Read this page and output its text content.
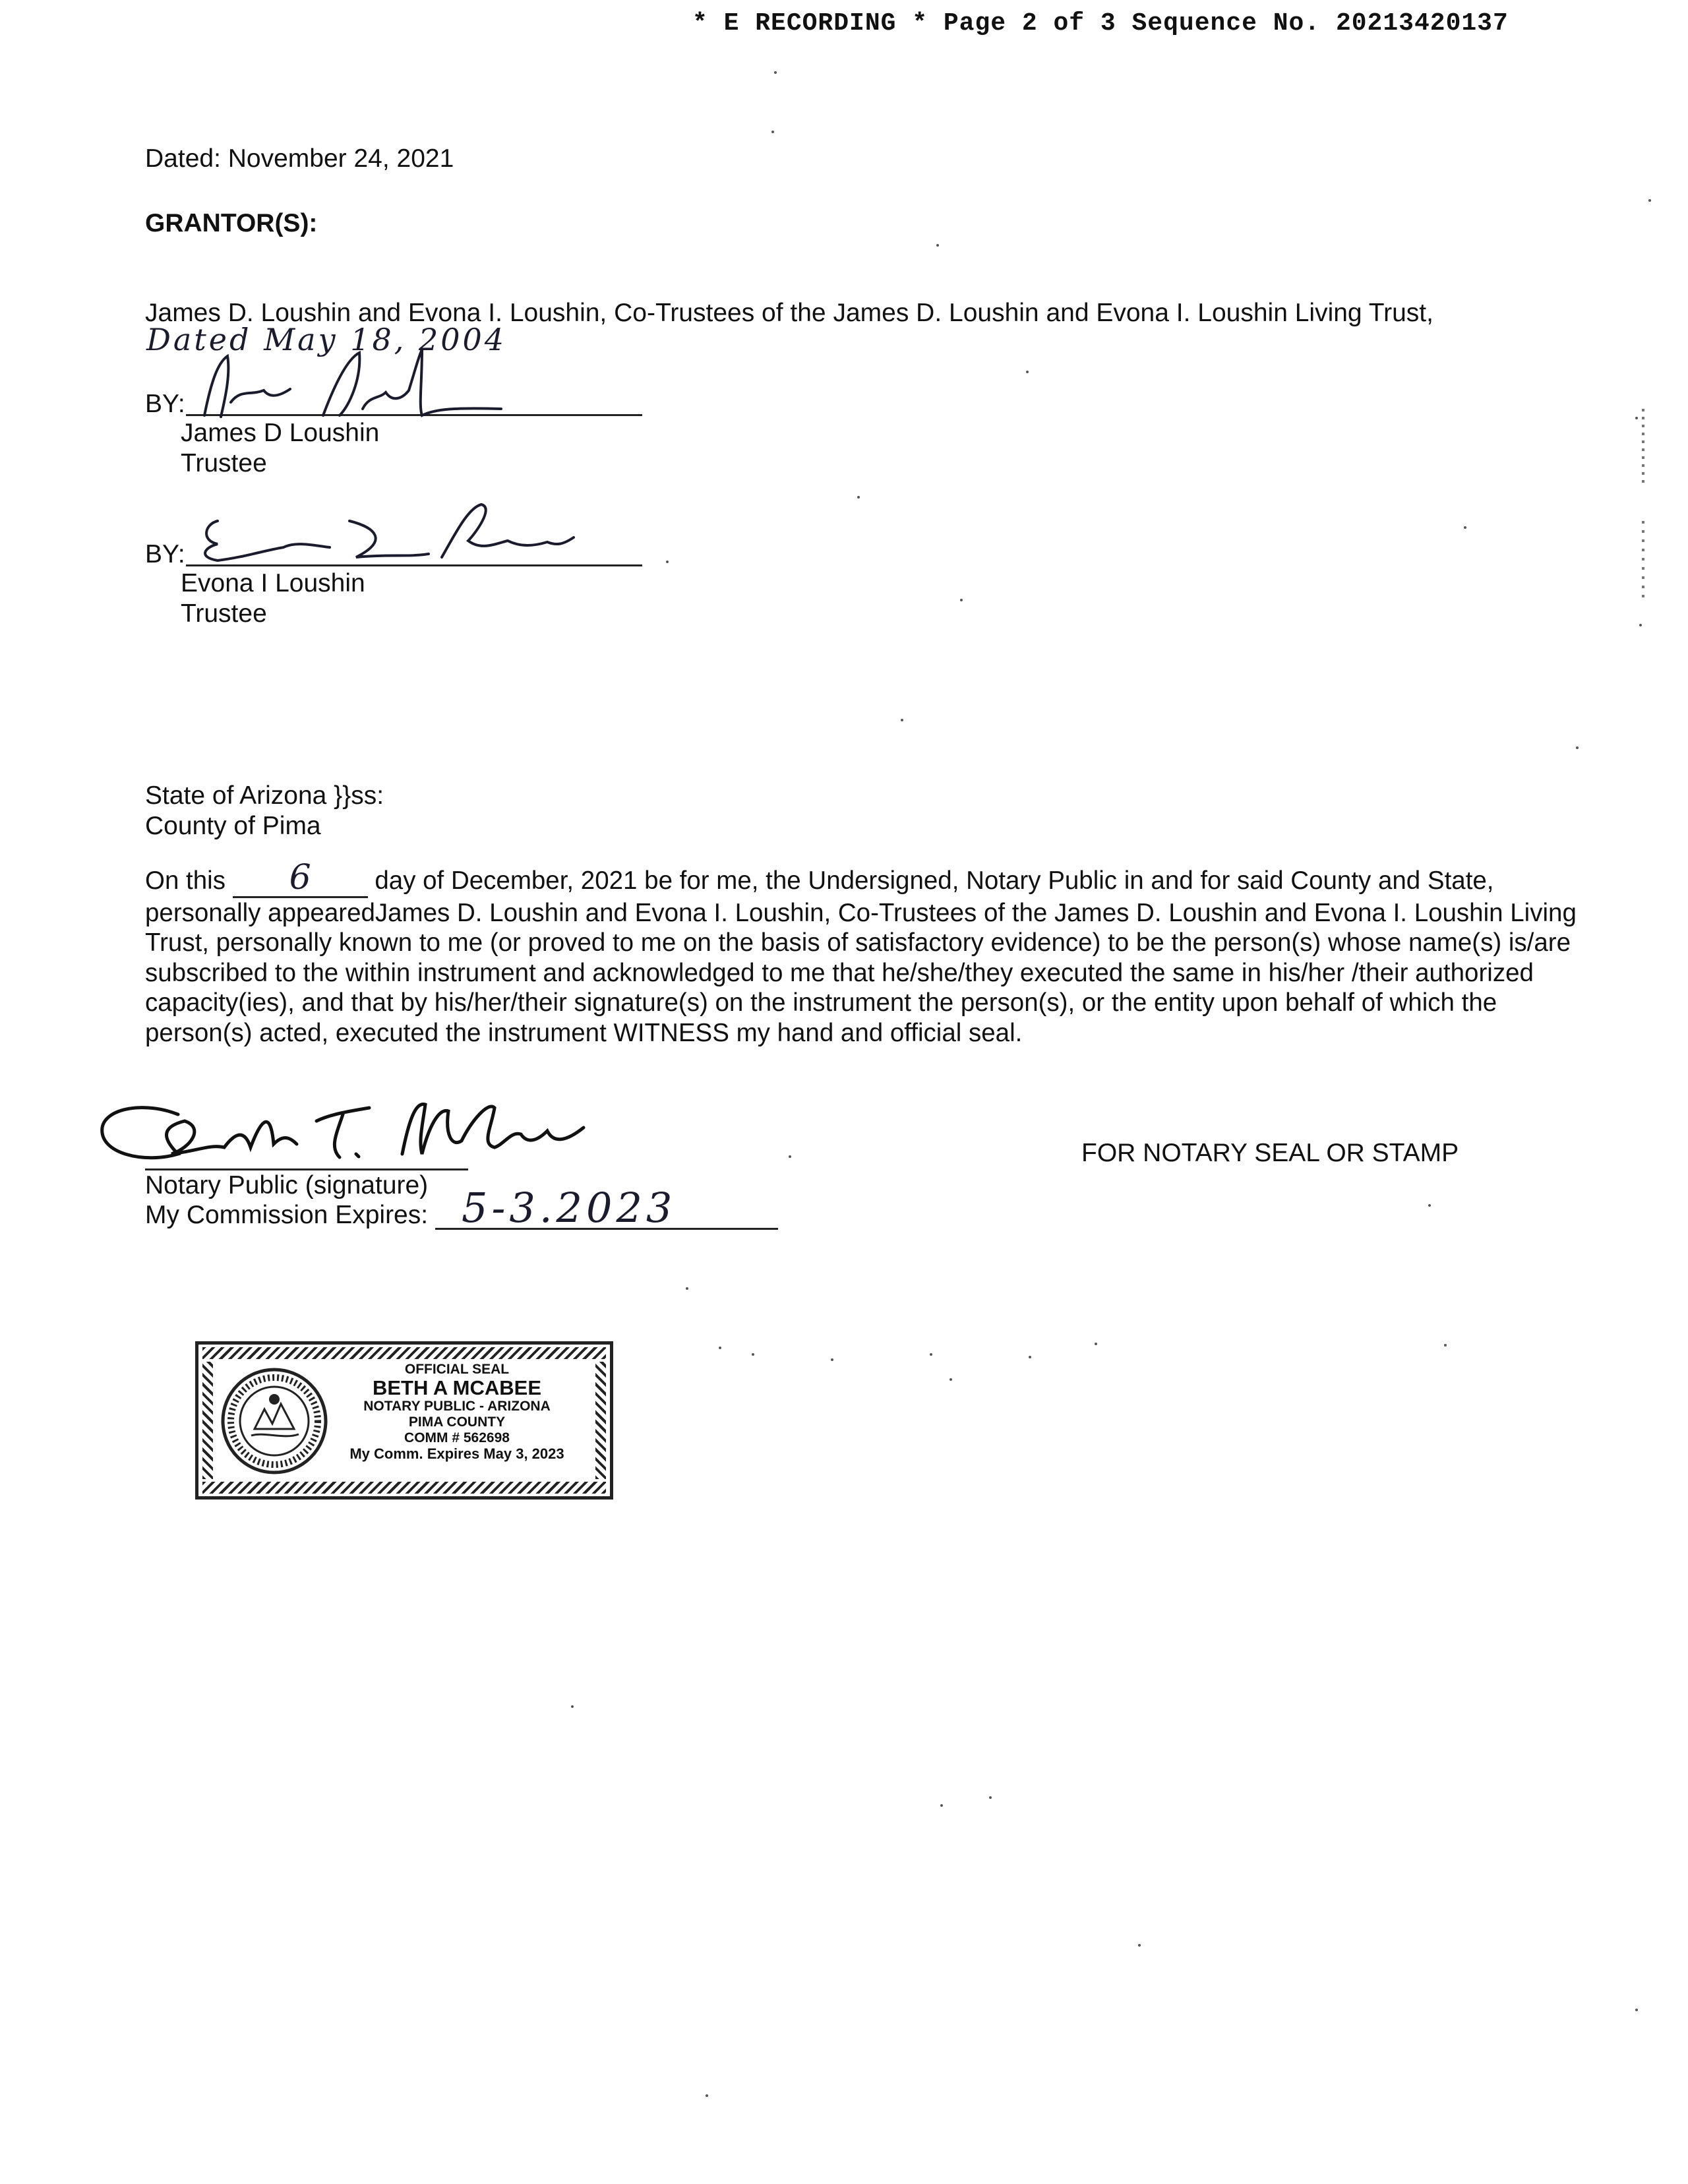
* E RECORDING * Page 2 of 3 Sequence No. 20213420137
Dated: November 24, 2021
GRANTOR(S):
James D. Loushin and Evona I. Loushin, Co-Trustees of the James D. Loushin and Evona I. Loushin Living Trust,
Dated May 18, 2004
BY:
James D Loushin
Trustee
BY:
Evona I Loushin
Trustee
State of Arizona }}ss:
County of Pima
On this 6	day of December, 2021 be for me, the Undersigned, Notary Public in and for said County and State, personally appearedJames D. Loushin and Evona I. Loushin, Co-Trustees of the James D. Loushin and Evona I. Loushin Living Trust, personally known to me (or proved to me on the basis of satisfactory evidence) to be the person(s) whose name(s) is/are subscribed to the within instrument and acknowledged to me that he/she/they executed the same in his/her /their authorized capacity(ies), and that by his/her/their signature(s) on the instrument the person(s), or the entity upon behalf of which the person(s) acted, executed the instrument WITNESS my hand and official seal.
Notary Public (signature)
My Commission Expires: 5-3.2023
FOR NOTARY SEAL OR STAMP
OFFICIAL SEAL
BETH A MCABEE
NOTARY PUBLIC - ARIZONA
PIMA COUNTY
COMM # 562698
My Comm. Expires May 3, 2023
